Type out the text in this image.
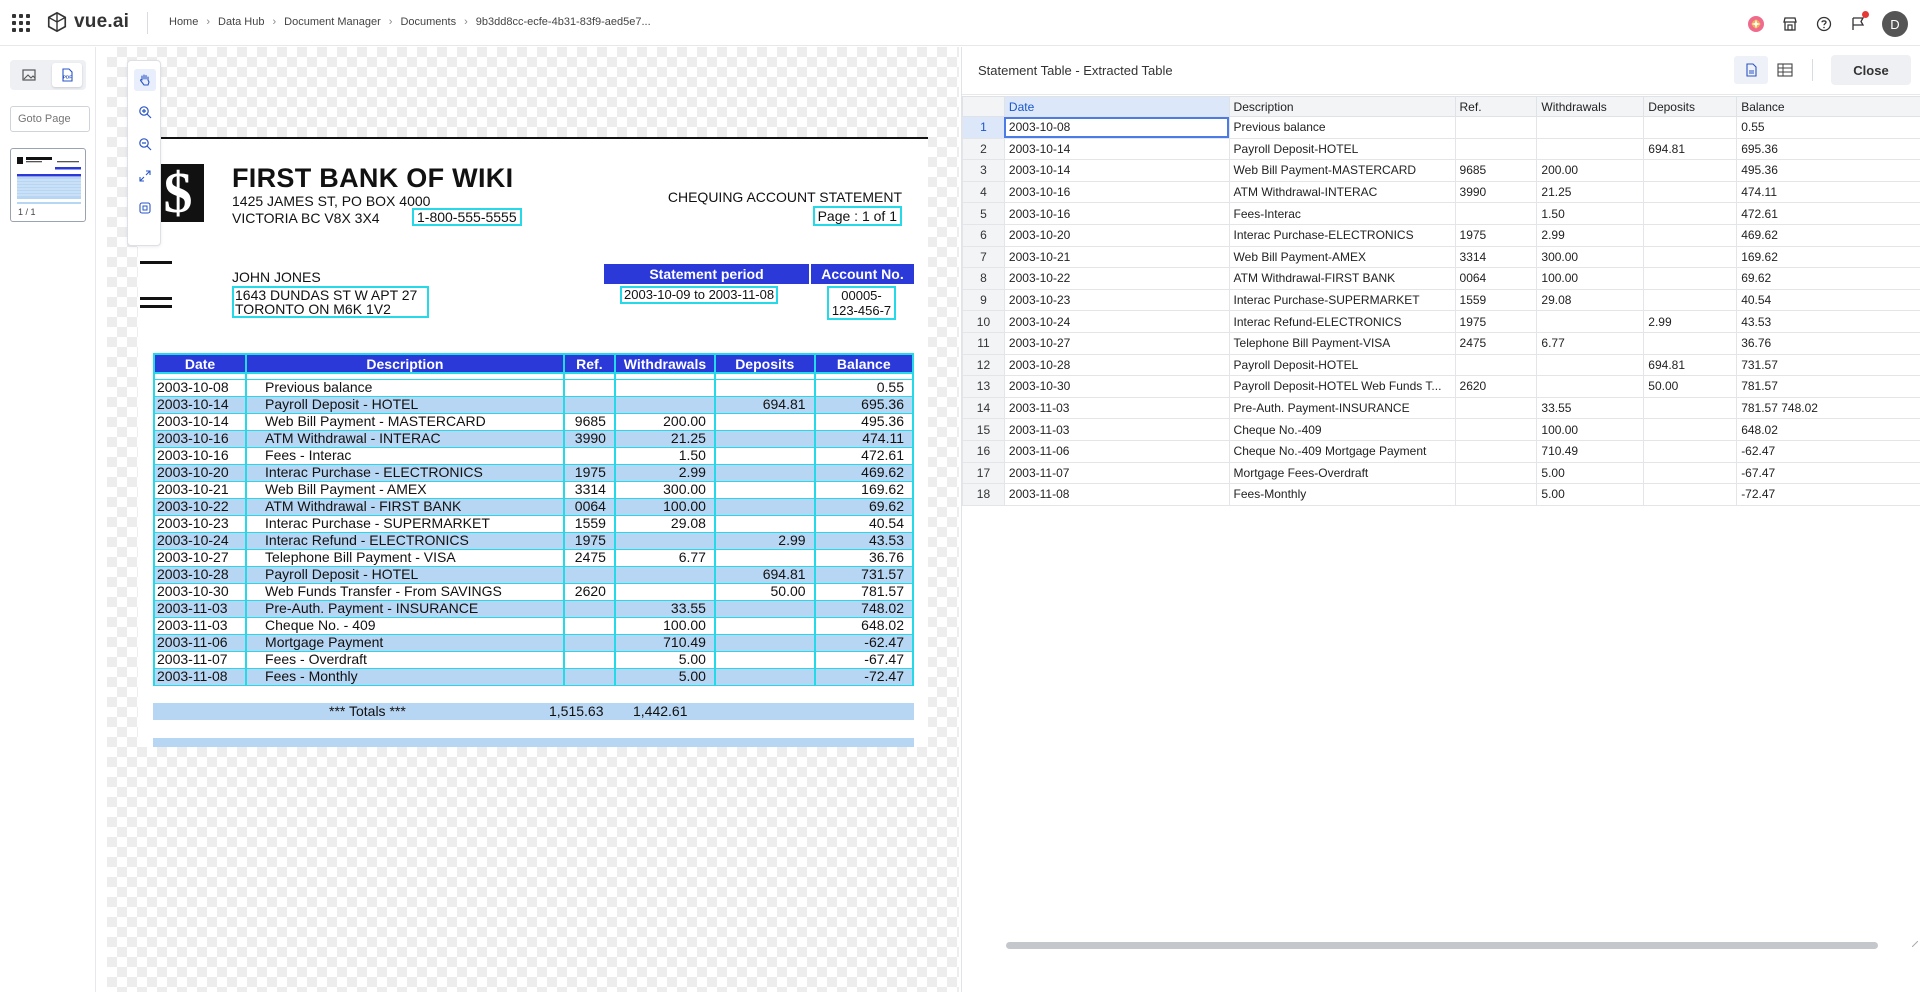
vue.ai	Home › Data Hub › Document Manager › Documents › 9b3dd8cc-ecfe-4b31-83f9-aed5e7...	D
PDF
Goto Page
1 / 1 $	FIRST BANK OF WIKI
1425 JAMES ST, PO BOX 4000
VICTORIA BC V8X 3X4	1-800-555-5555
CHEQUING ACCOUNT STATEMENT
Page : 1 of 1
JOHN JONES
1643 DUNDAS ST W APT 27
TORONTO ON M6K 1V2
Statement period	Account No.
2003-10-09 to 2003-11-08	00005-
123-456-7
Date	Description	Ref.	Withdrawals	Deposits	Balance

2003-10-08	Previous balance				0.55
2003-10-14	Payroll Deposit - HOTEL			694.81	695.36
2003-10-14	Web Bill Payment - MASTERCARD	9685	200.00		495.36
2003-10-16	ATM Withdrawal - INTERAC	3990	21.25		474.11
2003-10-16	Fees - Interac		1.50		472.61
2003-10-20	Interac Purchase - ELECTRONICS	1975	2.99		469.62
2003-10-21	Web Bill Payment - AMEX	3314	300.00		169.62
2003-10-22	ATM Withdrawal - FIRST BANK	0064	100.00		69.62
2003-10-23	Interac Purchase - SUPERMARKET	1559	29.08		40.54
2003-10-24	Interac Refund - ELECTRONICS	1975		2.99	43.53
2003-10-27	Telephone Bill Payment - VISA	2475	6.77		36.76
2003-10-28	Payroll Deposit - HOTEL			694.81	731.57
2003-10-30	Web Funds Transfer - From SAVINGS	2620		50.00	781.57
2003-11-03	Pre-Auth. Payment - INSURANCE		33.55		748.02
2003-11-03	Cheque No. - 409		100.00		648.02
2003-11-06	Mortgage Payment		710.49		-62.47
2003-11-07	Fees - Overdraft		5.00		-67.47
2003-11-08	Fees - Monthly		5.00		-72.47
*** Totals ***	1,515.63 1,442.61
Statement Table - Extracted Table	Close
	Date	Description	Ref.	Withdrawals	Deposits	Balance
1	2003-10-08	Previous balance				0.55
2	2003-10-14	Payroll Deposit-HOTEL			694.81	695.36
3	2003-10-14	Web Bill Payment-MASTERCARD	9685	200.00		495.36
4	2003-10-16	ATM Withdrawal-INTERAC	3990	21.25		474.11
5	2003-10-16	Fees-Interac		1.50		472.61
6	2003-10-20	Interac Purchase-ELECTRONICS	1975	2.99		469.62
7	2003-10-21	Web Bill Payment-AMEX	3314	300.00		169.62
8	2003-10-22	ATM Withdrawal-FIRST BANK	0064	100.00		69.62
9	2003-10-23	Interac Purchase-SUPERMARKET	1559	29.08		40.54
10	2003-10-24	Interac Refund-ELECTRONICS	1975		2.99	43.53
11	2003-10-27	Telephone Bill Payment-VISA	2475	6.77		36.76
12	2003-10-28	Payroll Deposit-HOTEL			694.81	731.57
13	2003-10-30	Payroll Deposit-HOTEL Web Funds T...	2620		50.00	781.57
14	2003-11-03	Pre-Auth. Payment-INSURANCE		33.55		781.57 748.02
15	2003-11-03	Cheque No.-409		100.00		648.02
16	2003-11-06	Cheque No.-409 Mortgage Payment		710.49		-62.47
17	2003-11-07	Mortgage Fees-Overdraft		5.00		-67.47
18	2003-11-08	Fees-Monthly		5.00		-72.47
